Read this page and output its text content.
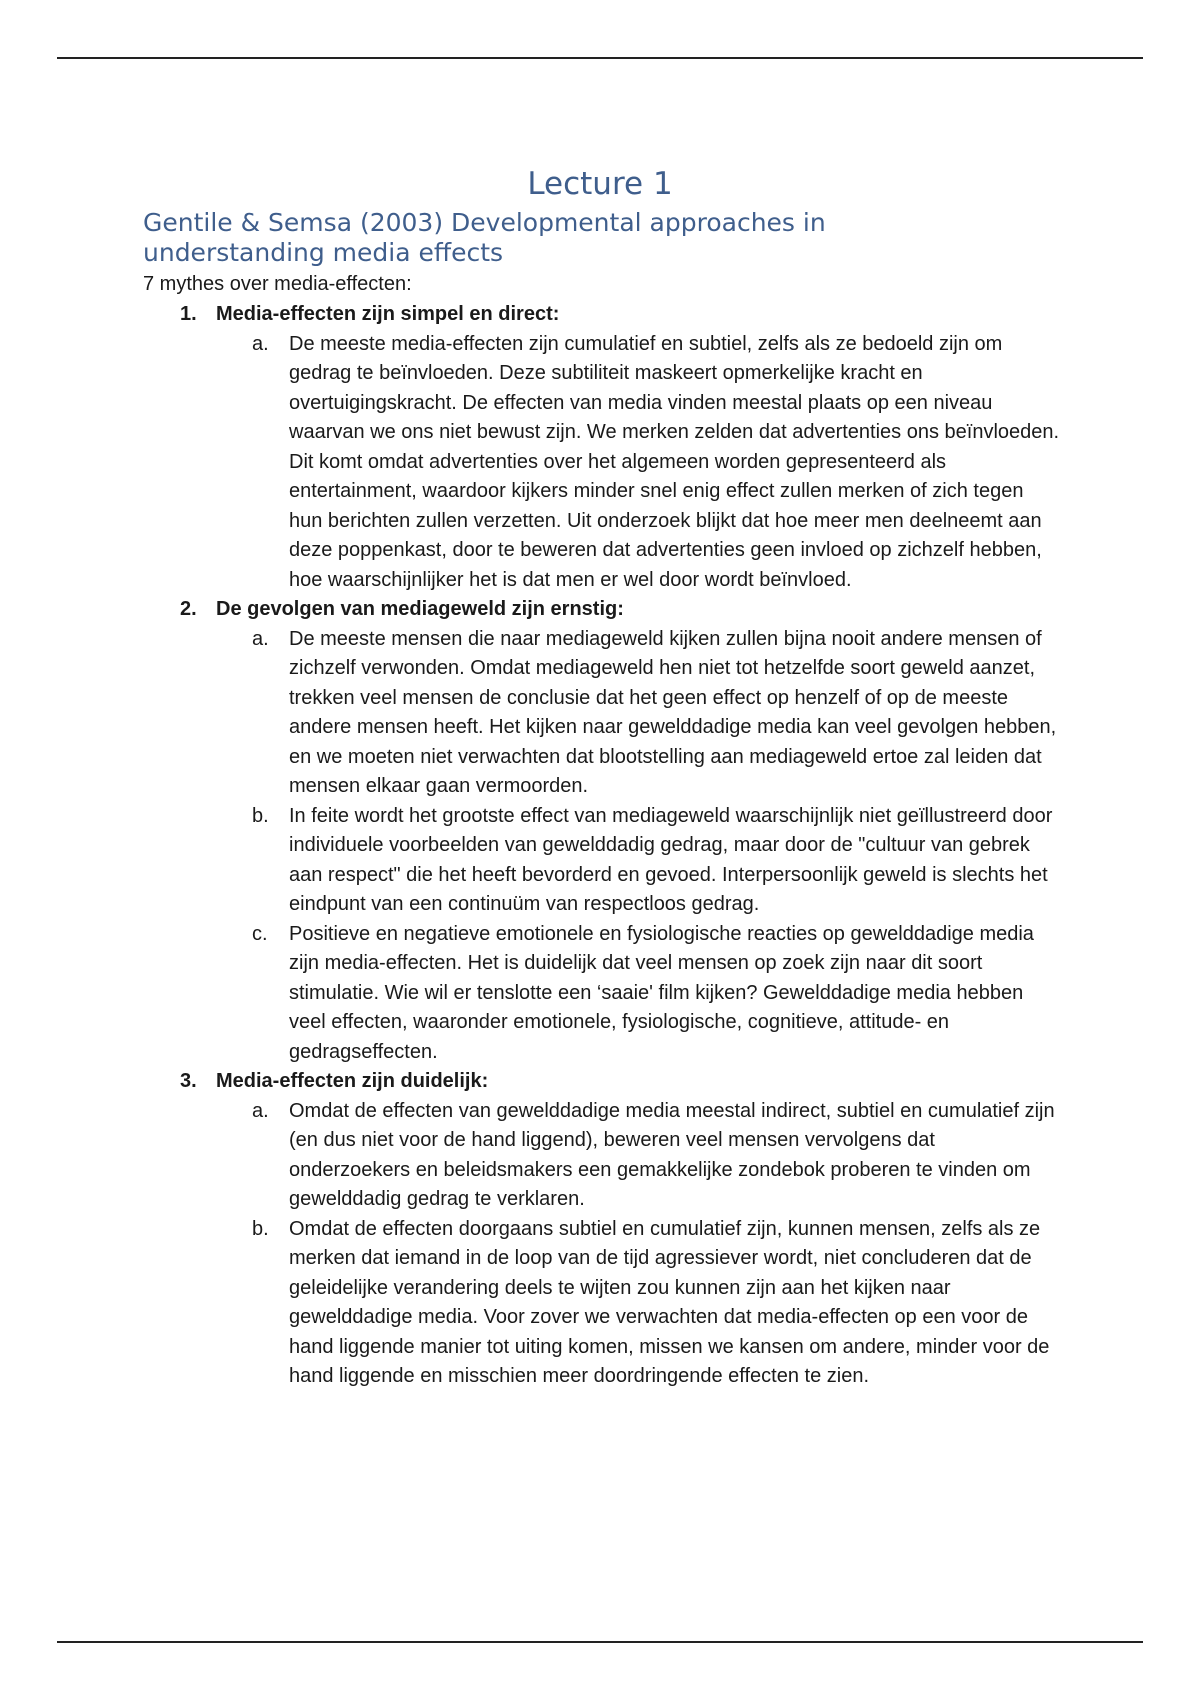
Lecture 1
Gentile & Semsa (2003) Developmental approaches in understanding media effects

7 mythes over media-effecten:

1. Media-effecten zijn simpel en direct:
a. De meeste media-effecten zijn cumulatief en subtiel, zelfs als ze bedoeld zijn om gedrag te beïnvloeden. Deze subtiliteit maskeert opmerkelijke kracht en overtuigingskracht. De effecten van media vinden meestal plaats op een niveau waarvan we ons niet bewust zijn. We merken zelden dat advertenties ons beïnvloeden. Dit komt omdat advertenties over het algemeen worden gepresenteerd als entertainment, waardoor kijkers minder snel enig effect zullen merken of zich tegen hun berichten zullen verzetten. Uit onderzoek blijkt dat hoe meer men deelneemt aan deze poppenkast, door te beweren dat advertenties geen invloed op zichzelf hebben, hoe waarschijnlijker het is dat men er wel door wordt beïnvloed.
2. De gevolgen van mediageweld zijn ernstig:
a. De meeste mensen die naar mediageweld kijken zullen bijna nooit andere mensen of zichzelf verwonden. Omdat mediageweld hen niet tot hetzelfde soort geweld aanzet, trekken veel mensen de conclusie dat het geen effect op henzelf of op de meeste andere mensen heeft. Het kijken naar gewelddadige media kan veel gevolgen hebben, en we moeten niet verwachten dat blootstelling aan mediageweld ertoe zal leiden dat mensen elkaar gaan vermoorden.
b. In feite wordt het grootste effect van mediageweld waarschijnlijk niet geïllustreerd door individuele voorbeelden van gewelddadig gedrag, maar door de "cultuur van gebrek aan respect" die het heeft bevorderd en gevoed. Interpersoonlijk geweld is slechts het eindpunt van een continuüm van respectloos gedrag.
c. Positieve en negatieve emotionele en fysiologische reacties op gewelddadige media zijn media-effecten. Het is duidelijk dat veel mensen op zoek zijn naar dit soort stimulatie. Wie wil er tenslotte een ‘saaie' film kijken? Gewelddadige media hebben veel effecten, waaronder emotionele, fysiologische, cognitieve, attitude- en gedragseffecten.
3. Media-effecten zijn duidelijk:
a. Omdat de effecten van gewelddadige media meestal indirect, subtiel en cumulatief zijn (en dus niet voor de hand liggend), beweren veel mensen vervolgens dat onderzoekers en beleidsmakers een gemakkelijke zondebok proberen te vinden om gewelddadig gedrag te verklaren.
b. Omdat de effecten doorgaans subtiel en cumulatief zijn, kunnen mensen, zelfs als ze merken dat iemand in de loop van de tijd agressiever wordt, niet concluderen dat de geleidelijke verandering deels te wijten zou kunnen zijn aan het kijken naar gewelddadige media. Voor zover we verwachten dat media-effecten op een voor de hand liggende manier tot uiting komen, missen we kansen om andere, minder voor de hand liggende en misschien meer doordringende effecten te zien.
